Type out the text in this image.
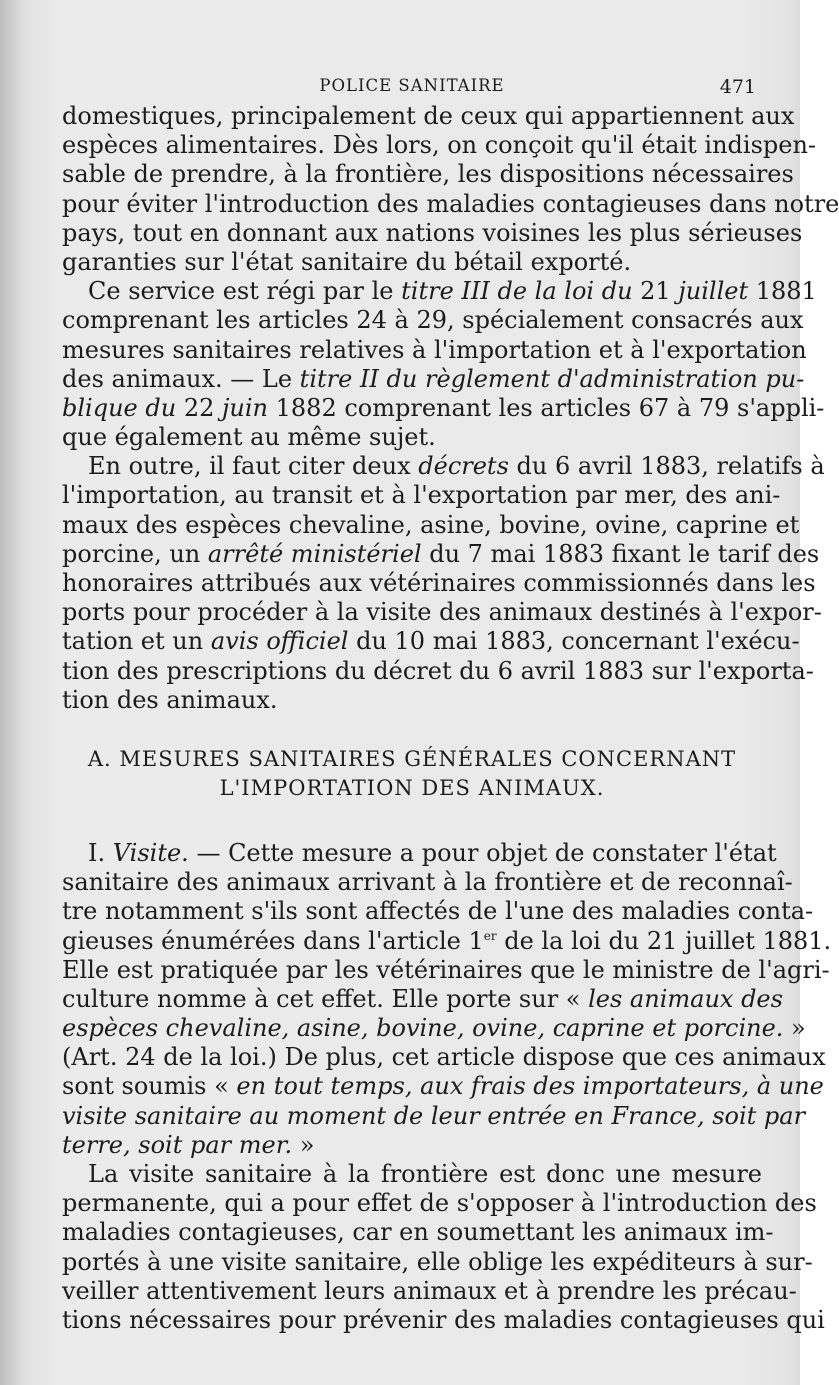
POLICE SANITAIRE	471
domestiques, principalement de ceux qui appartiennent aux
espèces alimentaires. Dès lors, on conçoit qu'il était indispen-
sable de prendre, à la frontière, les dispositions nécessaires
pour éviter l'introduction des maladies contagieuses dans notre
pays, tout en donnant aux nations voisines les plus sérieuses
garanties sur l'état sanitaire du bétail exporté.
Ce service est régi par le titre III de la loi du 21 juillet 1881
comprenant les articles 24 à 29, spécialement consacrés aux
mesures sanitaires relatives à l'importation et à l'exportation
des animaux. — Le titre II du règlement d'administration pu-
blique du 22 juin 1882 comprenant les articles 67 à 79 s'appli-
que également au même sujet.
En outre, il faut citer deux décrets du 6 avril 1883, relatifs à
l'importation, au transit et à l'exportation par mer, des ani-
maux des espèces chevaline, asine, bovine, ovine, caprine et
porcine, un arrêté ministériel du 7 mai 1883 fixant le tarif des
honoraires attribués aux vétérinaires commissionnés dans les
ports pour procéder à la visite des animaux destinés à l'expor-
tation et un avis officiel du 10 mai 1883, concernant l'exécu-
tion des prescriptions du décret du 6 avril 1883 sur l'exporta-
tion des animaux.
A. MESURES SANITAIRES GÉNÉRALES CONCERNANT
L'IMPORTATION DES ANIMAUX.
I. Visite. — Cette mesure a pour objet de constater l'état
sanitaire des animaux arrivant à la frontière et de reconnaî-
tre notamment s'ils sont affectés de l'une des maladies conta-
gieuses énumérées dans l'article 1er de la loi du 21 juillet 1881.
Elle est pratiquée par les vétérinaires que le ministre de l'agri-
culture nomme à cet effet. Elle porte sur « les animaux des
espèces chevaline, asine, bovine, ovine, caprine et porcine. »
(Art. 24 de la loi.) De plus, cet article dispose que ces animaux
sont soumis « en tout temps, aux frais des importateurs, à une
visite sanitaire au moment de leur entrée en France, soit par
terre, soit par mer. »
La visite sanitaire à la frontière est donc une mesure
permanente, qui a pour effet de s'opposer à l'introduction des
maladies contagieuses, car en soumettant les animaux im-
portés à une visite sanitaire, elle oblige les expéditeurs à sur-
veiller attentivement leurs animaux et à prendre les précau-
tions nécessaires pour prévenir des maladies contagieuses qui
